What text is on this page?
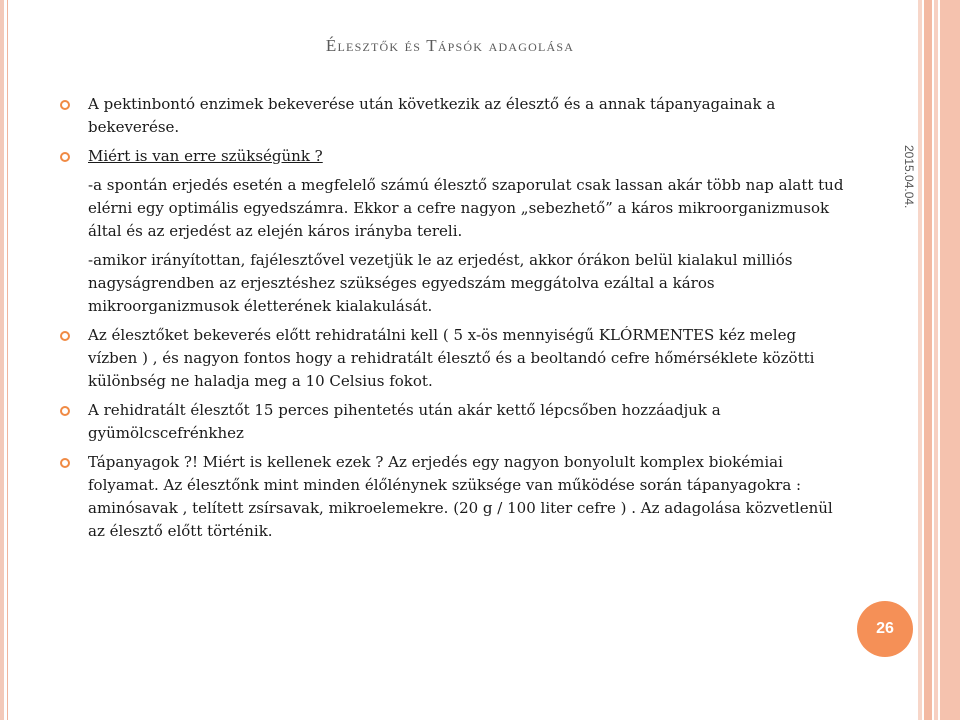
Élesztők és Tápsók adagolása
A pektinbontó enzimek bekeverése után következik az élesztő és a annak tápanyagainak a bekeverése.
Miért is van erre szükségünk ?
-a spontán erjedés esetén a megfelelő számú élesztő szaporulat csak lassan akár több nap alatt tud elérni egy optimális egyedszámra. Ekkor a cefre nagyon „sebezhető” a káros mikroorganizmusok által és az erjedést az elején káros irányba tereli.
-amikor irányítottan, fajélesztővel vezetjük le az erjedést, akkor órákon belül kialakul milliós nagyságrendben az erjesztéshez szükséges egyedszám meggátolva ezáltal a káros mikroorganizmusok életterének kialakulását.
Az élesztőket bekeverés előtt rehidratálni kell ( 5 x-ös mennyiségű KLÓRMENTES kéz meleg vízben ) , és nagyon fontos hogy a rehidratált élesztő és a beoltandó cefre hőmérséklete közötti különbség ne haladja meg a 10 Celsius fokot.
A rehidratált élesztőt 15 perces pihentetés után akár kettő lépcsőben hozzáadjuk a gyümölcscefrénkhez
Tápanyagok ?! Miért is kellenek ezek ? Az erjedés egy nagyon bonyolult komplex biokémiai folyamat. Az élesztőnk mint minden élőlénynek szüksége van működése során tápanyagokra : aminósavak , telített zsírsavak, mikroelemekre. (20 g / 100 liter cefre ) . Az adagolása közvetlenül az élesztő előtt történik.
2015.04.04.
26
